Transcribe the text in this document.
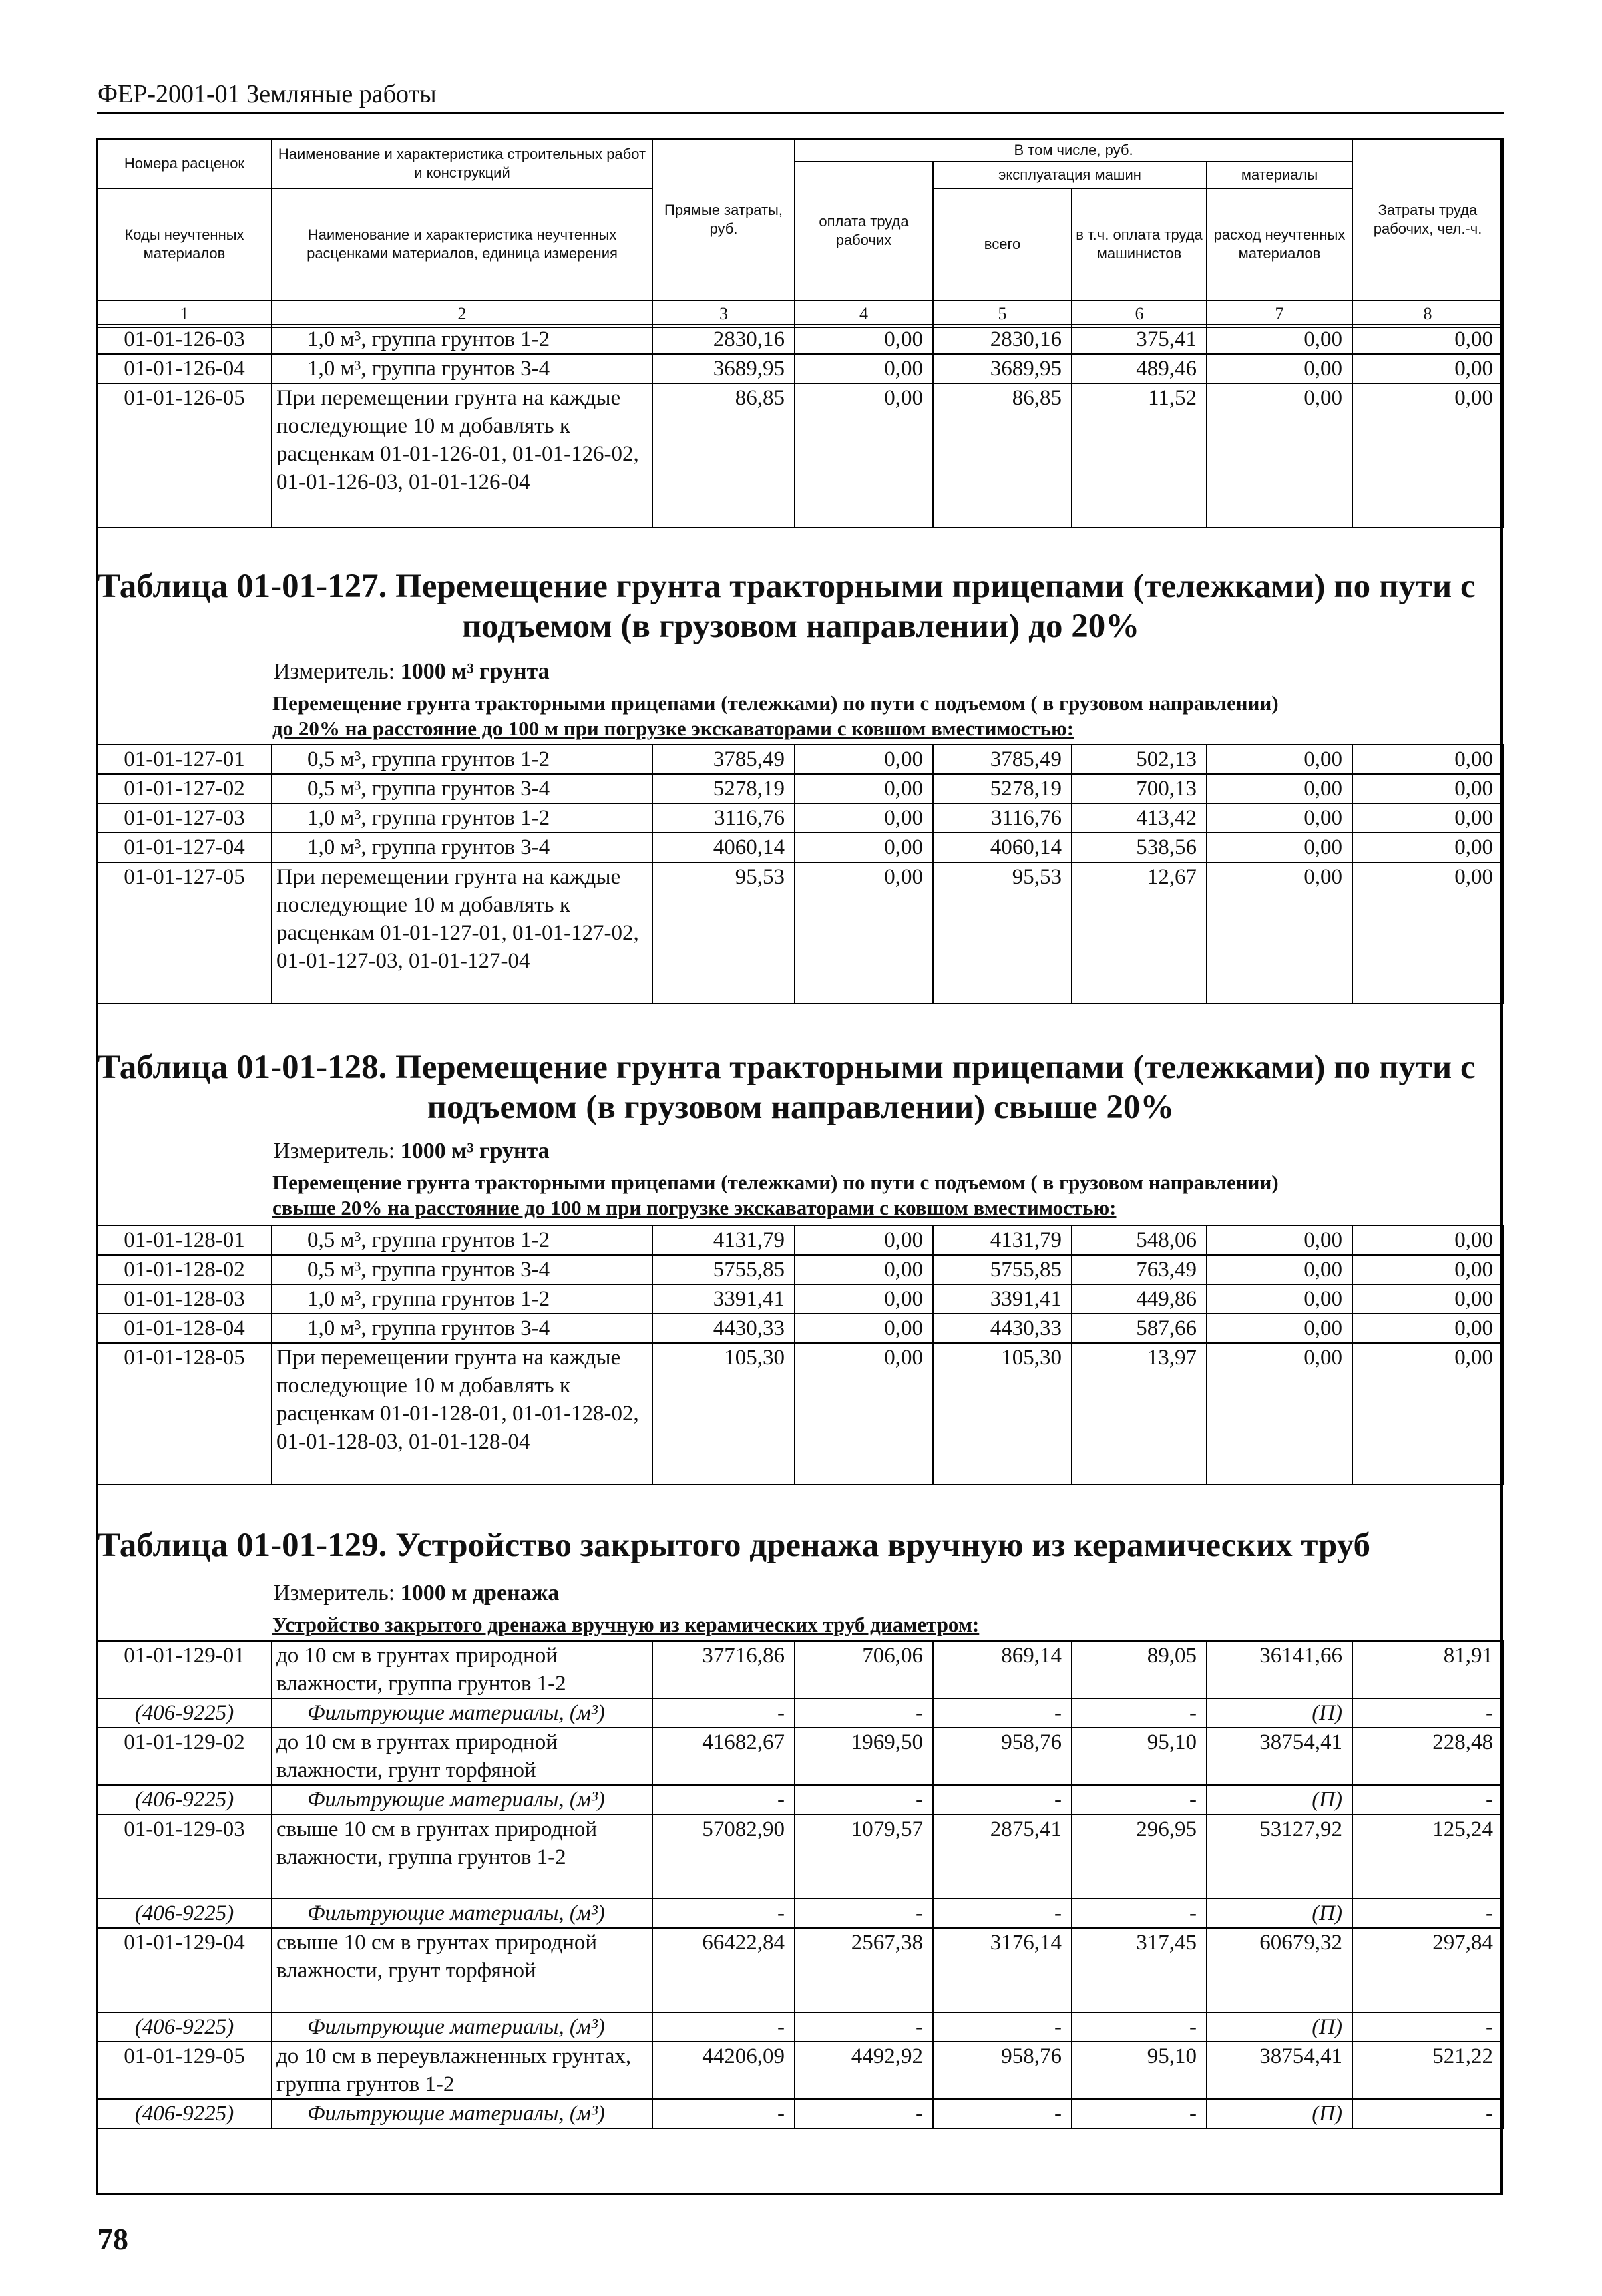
ФЕР-2001-01 Земляные работы
Номера расценок	Наименование и характеристика строительных работ и конструкций	Прямые затраты, руб.	В том числе, руб.				Затраты труда рабочих, чел.-ч.
			оплата труда рабочих	эксплуатация машин		материалы	
Коды неучтенных материалов	Наименование и характеристика неучтенных расценками материалов, единица измерения			всего	в т.ч. оплата труда машинистов	расход неучтенных материалов	

1	2	3	4	5	6	7	8
01-01-126-03	1,0 м³, группа грунтов 1-2	2830,16	0,00	2830,16	375,41	0,00	0,00
01-01-126-04	1,0 м³, группа грунтов 3-4	3689,95	0,00	3689,95	489,46	0,00	0,00
01-01-126-05	При перемещении грунта на каждые последующие 10 м добавлять к расценкам 01-01-126-01, 01-01-126-02, 01-01-126-03, 01-01-126-04	86,85	0,00	86,85	11,52	0,00	0,00
Таблица 01-01-127. Перемещение грунта тракторными прицепами (тележками) по пути с
подъемом (в грузовом направлении) до 20%
Измеритель: 1000 м³ грунта
Перемещение грунта тракторными прицепами (тележками) по пути с подъемом ( в грузовом направлении)
до 20% на расстояние до 100 м при погрузке экскаваторами с ковшом вместимостью:
01-01-127-01	0,5 м³, группа грунтов 1-2	3785,49	0,00	3785,49	502,13	0,00	0,00
01-01-127-02	0,5 м³, группа грунтов 3-4	5278,19	0,00	5278,19	700,13	0,00	0,00
01-01-127-03	1,0 м³, группа грунтов 1-2	3116,76	0,00	3116,76	413,42	0,00	0,00
01-01-127-04	1,0 м³, группа грунтов 3-4	4060,14	0,00	4060,14	538,56	0,00	0,00
01-01-127-05	При перемещении грунта на каждые последующие 10 м добавлять к расценкам 01-01-127-01, 01-01-127-02, 01-01-127-03, 01-01-127-04	95,53	0,00	95,53	12,67	0,00	0,00
Таблица 01-01-128. Перемещение грунта тракторными прицепами (тележками) по пути с
подъемом (в грузовом направлении) свыше 20%
Измеритель: 1000 м³ грунта
Перемещение грунта тракторными прицепами (тележками) по пути с подъемом ( в грузовом направлении)
свыше 20% на расстояние до 100 м при погрузке экскаваторами с ковшом вместимостью:
01-01-128-01	0,5 м³, группа грунтов 1-2	4131,79	0,00	4131,79	548,06	0,00	0,00
01-01-128-02	0,5 м³, группа грунтов 3-4	5755,85	0,00	5755,85	763,49	0,00	0,00
01-01-128-03	1,0 м³, группа грунтов 1-2	3391,41	0,00	3391,41	449,86	0,00	0,00
01-01-128-04	1,0 м³, группа грунтов 3-4	4430,33	0,00	4430,33	587,66	0,00	0,00
01-01-128-05	При перемещении грунта на каждые последующие 10 м добавлять к расценкам 01-01-128-01, 01-01-128-02, 01-01-128-03, 01-01-128-04	105,30	0,00	105,30	13,97	0,00	0,00
Таблица 01-01-129. Устройство закрытого дренажа вручную из керамических труб
Измеритель: 1000 м дренажа
Устройство закрытого дренажа вручную из керамических труб диаметром:
01-01-129-01	до 10 см в грунтах природной влажности, группа грунтов 1-2	37716,86	706,06	869,14	89,05	36141,66	81,91
(406-9225)	Фильтрующие материалы, (м³)	-	-	-	-	(П)	-
01-01-129-02	до 10 см в грунтах природной влажности, грунт торфяной	41682,67	1969,50	958,76	95,10	38754,41	228,48
(406-9225)	Фильтрующие материалы, (м³)	-	-	-	-	(П)	-
01-01-129-03	свыше 10 см в грунтах природной влажности, группа грунтов 1-2	57082,90	1079,57	2875,41	296,95	53127,92	125,24
(406-9225)	Фильтрующие материалы, (м³)	-	-	-	-	(П)	-
01-01-129-04	свыше 10 см в грунтах природной влажности, грунт торфяной	66422,84	2567,38	3176,14	317,45	60679,32	297,84
(406-9225)	Фильтрующие материалы, (м³)	-	-	-	-	(П)	-
01-01-129-05	до 10 см в переувлажненных грунтах, группа грунтов 1-2	44206,09	4492,92	958,76	95,10	38754,41	521,22
(406-9225)	Фильтрующие материалы, (м³)	-	-	-	-	(П)	-
78
